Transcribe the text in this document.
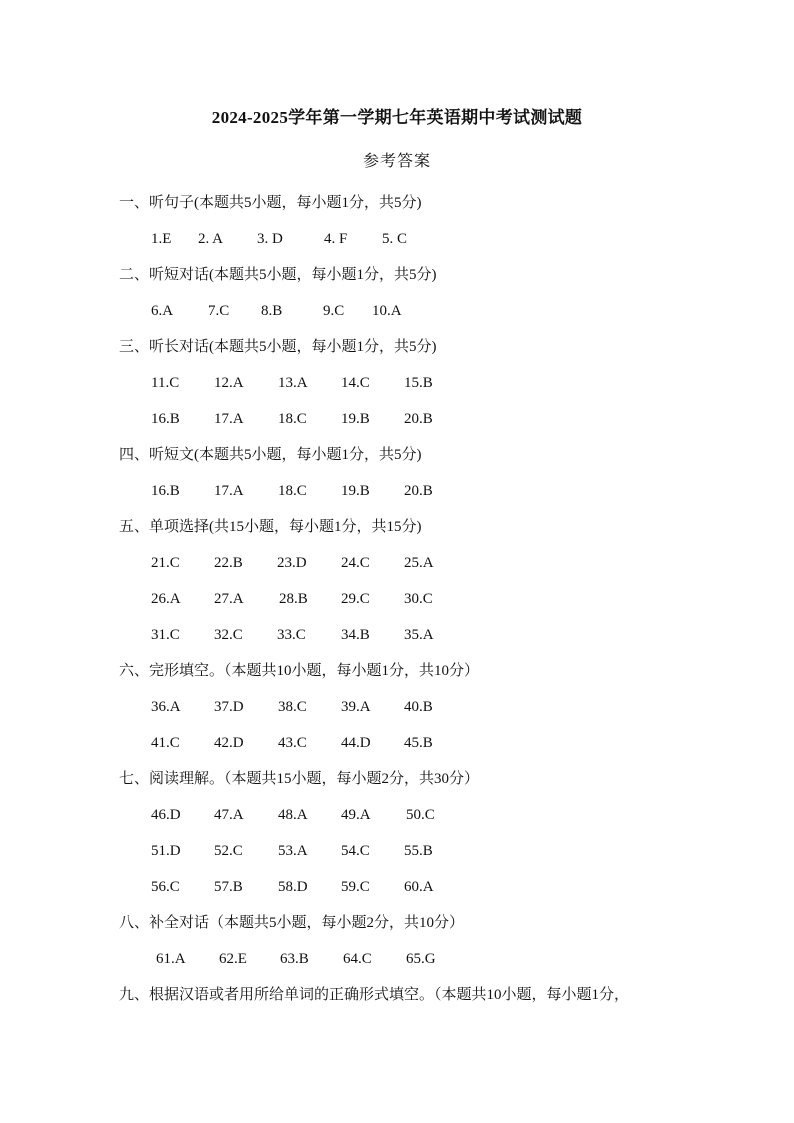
2024-2025学年第一学期七年英语期中考试测试题
参考答案
一、听句子(本题共5小题，每小题1分，共5分)
1.E 2. A 3. D	4. F 5. C
二、听短对话(本题共5小题，每小题1分，共5分)
6.A 7.C 8.B	9.C 10.A
三、听长对话(本题共5小题，每小题1分，共5分)
11.C 12.A 13.A 14.C 15.B
16.B 17.A 18.C 19.B 20.B
四、听短文(本题共5小题，每小题1分，共5分)
16.B 17.A 18.C 19.B 20.B
五、单项选择(共15小题，每小题1分，共15分)
21.C 22.B 23.D 24.C 25.A
26.A 27.A 28.B 29.C 30.C
31.C 32.C 33.C 34.B 35.A
六、完形填空。（本题共10小题，每小题1分，共10分）
36.A 37.D 38.C 39.A 40.B
41.C 42.D 43.C 44.D 45.B
七、阅读理解。（本题共15小题，每小题2分，共30分）
46.D 47.A 48.A 49.A 50.C
51.D 52.C 53.A 54.C 55.B
56.C 57.B 58.D 59.C 60.A
八、补全对话（本题共5小题，每小题2分，共10分）
61.A 62.E 63.B 64.C 65.G
九、根据汉语或者用所给单词的正确形式填空。（本题共10小题，每小题1分，
